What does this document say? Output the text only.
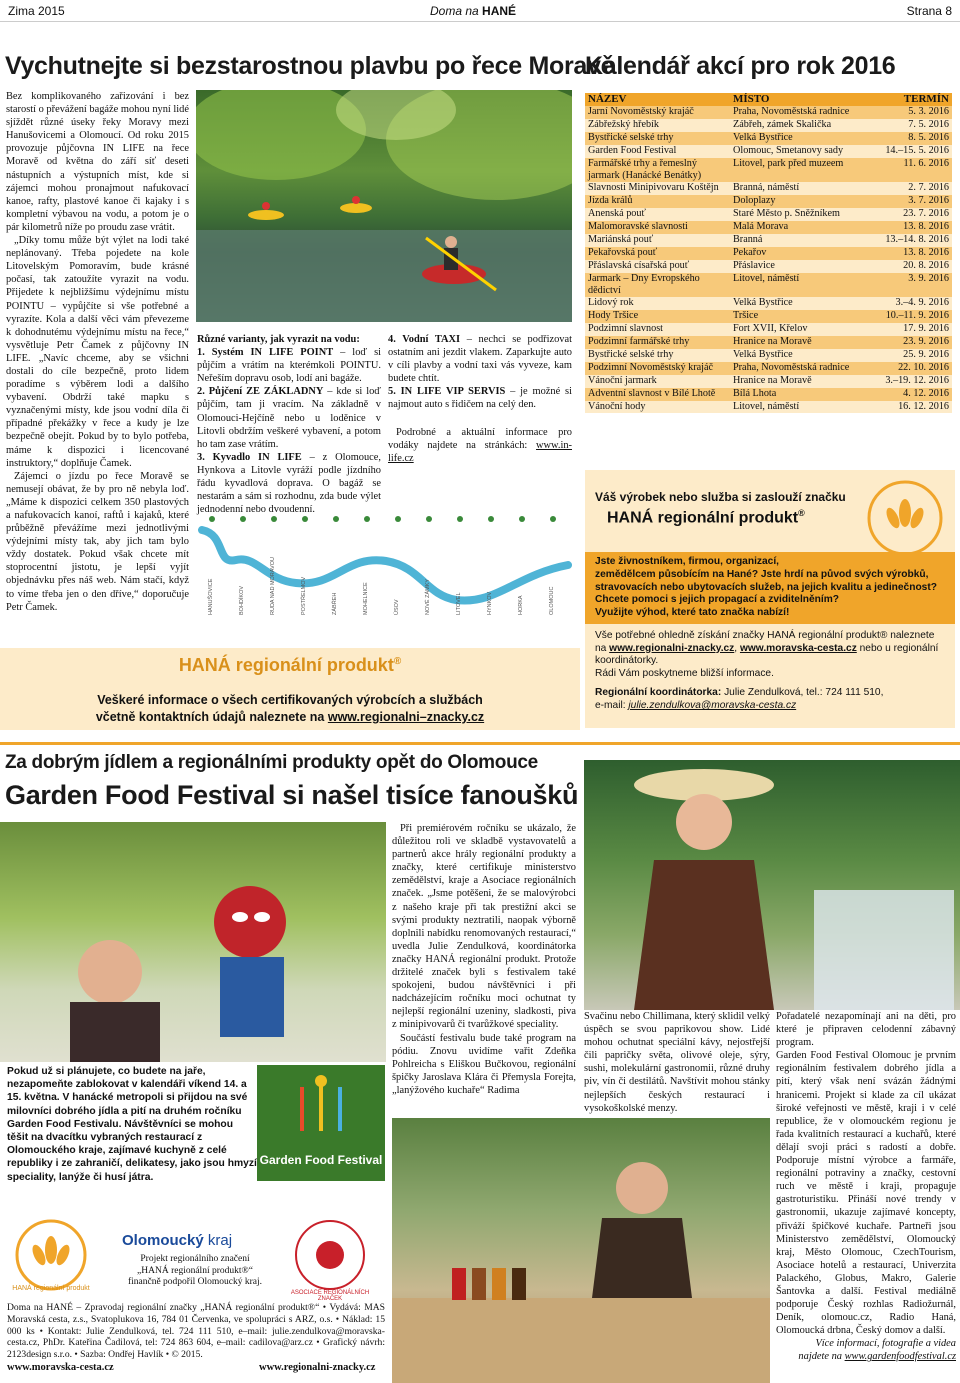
Zima 2015	Doma na HANÉ	Strana 8
Vychutnejte si bezstarostnou plavbu po řece Moravě

Bez komplikovaného zařizování i bez starostí o převážení bagáže mohou nyní lidé sjíždět různé úseky řeky Moravy mezi Hanušovicemi a Olomoucí. Od roku 2015 provozuje půjčovna IN LIFE na řece Moravě od května do září síť deseti nástupních a výstupních míst, kde si zájemci mohou pronajmout nafukovací kanoe, rafty, plastové kanoe či kajaky i s kompletní výbavou na vodu, a potom je o pár kilometrů níže po proudu zase vrátit.

„Díky tomu může být výlet na lodi také neplánovaný. Třeba pojedete na kole Litovelským Pomoravím, bude krásné počasí, tak zatoužíte vyrazit na vodu. Přijedete k nejbližšímu výdejnímu místu POINTU – vypůjčíte si vše potřebné a vyrazíte. Kola a další věci vám převezeme k dohodnutému výdejnímu místu na řece,“ vysvětluje Petr Čamek z půjčovny IN LIFE. „Navíc chceme, aby se všichni dostali do cíle bezpečně, proto lidem poradíme s výběrem lodi a dalšího vybavení. Obdrží také mapku s vyznačenými místy, kde jsou vodní díla či případné překážky v řece a kudy je lze bezpečně obejít. Pokud by to bylo potřeba, máme k dispozici i licencované instruktory,“ doplňuje Čamek.

Zájemci o jízdu po řece Moravě se nemusejí obávat, že by pro ně nebyla loď. „Máme k dispozici celkem 350 plastových a nafukovacích kanoí, raftů i kajaků, které průběžně převážíme mezi jednotlivými výdejními místy tak, aby jich tam bylo vždy dostatek. Pokud však chcete mít stoprocentní jistotu, je lepší vyjít objednávku přes náš web. Nám stačí, když to víme třeba jen o den dříve,“ doporučuje Petr Čamek.

Různé varianty, jak vyrazit na vodu:

1. Systém IN LIFE POINT – loď si půjčím a vrátím na kterémkoli POINTU. Neřeším dopravu osob, lodí ani bagáže.

2. Půjčení ZE ZÁKLADNY – kde si loď půjčím, tam ji vracím. Na základně v Olomouci-Hejčíně nebo u loděnice v Litovli obdržím veškeré vybavení, a potom ho tam zase vrátím.

3. Kyvadlo IN LIFE – z Olomouce, Hynkova a Litovle vyráží podle jízdního řádu kyvadlová doprava. O bagáž se nestarám a sám si rozhodnu, zda bude výlet jednodenní nebo dvoudenní.

4. Vodní TAXI – nechci se podřizovat ostatním ani jezdit vlakem. Zaparkujte auto v cíli plavby a vodní taxi vás vyveze, kam budete chtít.

5. IN LIFE VIP SERVIS – je možné si najmout auto s řidičem na celý den.

Podrobné a aktuální informace pro vodáky najdete na stránkách: www.in-life.cz

HANUŠOVICE	BOHDÍKOV	RUDA NAD MORAVOU	POSTŘELMOV	ZÁBŘEH	MOHELNICE	ÚSOV	NOVÉ ZÁMKY	LITOVEL	HYNKOV	HORKA	OLOMOUC
HANÁ regionální produkt®
Veškeré informace o všech certifikovaných výrobcích a službách
včetně kontaktních údajů naleznete na www.regionalni–znacky.cz
Kalendář akcí pro rok 2016
NÁZEV	MÍSTO	TERMÍN
Jarní Novoměstský krajáč	Praha, Novoměstská radnice	5. 3. 2016
Zábřežský hřebík	Zábřeh, zámek Skalička	7. 5. 2016
Bystřické selské trhy	Velká Bystřice	8. 5. 2016
Garden Food Festival	Olomouc, Smetanovy sady	14.–15. 5. 2016
Farmářské trhy a řemeslný jarmark (Hanácké Benátky)	Litovel, park před muzeem	11. 6. 2016
Slavnosti Minipivovaru Koštějn	Branná, náměstí	2. 7. 2016
Jízda králů	Doloplazy	3. 7. 2016
Anenská pouť	Staré Město p. Sněžníkem	23. 7. 2016
Malomoravské slavnosti	Malá Morava	13. 8. 2016
Mariánská pouť	Branná	13.–14. 8. 2016
Pekařovská pouť	Pekařov	13. 8. 2016
Přáslavská císařská pouť	Přáslavice	20. 8. 2016
Jarmark – Dny Evropského dědictví	Litovel, náměstí	3. 9. 2016
Lidový rok	Velká Bystřice	3.–4. 9. 2016
Hody Tršice	Tršice	10.–11. 9. 2016
Podzimní slavnost	Fort XVII, Křelov	17. 9. 2016
Podzimní farmářské trhy	Hranice na Moravě	23. 9. 2016
Bystřické selské trhy	Velká Bystřice	25. 9. 2016
Podzimní Novoměstský krajáč	Praha, Novoměstská radnice	22. 10. 2016
Vánoční jarmark	Hranice na Moravě	3.–19. 12. 2016
Adventní slavnost v Bílé Lhotě	Bílá Lhota	4. 12. 2016
Vánoční hody	Litovel, náměstí	16. 12. 2016
Váš výrobek nebo služba si zaslouží značku
HANÁ regionální produkt®
Jste živnostníkem, firmou, organizací,
zemědělcem působícím na Hané? Jste hrdí na původ svých výrobků, stravovacích nebo ubytovacích služeb, na jejich kvalitu a jedinečnost? Chcete pomoci s jejich propagací a zviditelněním?
Využijte výhod, které tato značka nabízí!
Vše potřebné ohledně získání značky HANÁ regionální produkt® naleznete na www.regionalni-znacky.cz, www.moravska-cesta.cz nebo u regionální koordinátorky.
Rádi Vám poskytneme bližší informace.
Regionální koordinátorka: Julie Zendulková, tel.: 724 111 510,
e-mail: julie.zendulkova@moravska-cesta.cz
Za dobrým jídlem a regionálními produkty opět do Olomouce
Garden Food Festival si našel tisíce fanoušků
Pokud už si plánujete, co budete na jaře, nezapomeňte zablokovat v kalendáři víkend 14. a 15. května. V hanácké metropoli si přijdou na své milovníci dobrého jídla a pití na druhém ročníku Garden Food Festivalu. Návštěvníci se mohou těšit na dvacítku vybraných restaurací z Olomouckého kraje, zajímavé kuchyně z celé republiky i ze zahraničí, delikatesy, jako jsou hmyzí speciality, lanýže či husí játra.
Garden Food Festival

Při premiérovém ročníku se ukázalo, že důležitou roli ve skladbě vystavovatelů a partnerů akce hrály regionální produkty a značky, které certifikuje ministerstvo zemědělství, kraje a Asociace regionálních značek. „Jsme potěšeni, že se malovýrobci z našeho kraje při tak prestižní akci se svými produkty neztratili, naopak výborně doplnili nabídku renomovaných restaurací,“ uvedla Julie Zendulková, koordinátorka značky HANÁ regionální produkt. Protože držitelé značek byli s festivalem také spokojeni, budou návštěvníci i při nadcházejícím ročníku moci ochutnat ty nejlepší regionální uzeniny, sladkosti, piva z minipivovarů či tvarůžkové speciality.

Součástí festivalu bude také program na pódiu. Znovu uvidíme vařit Zdeňka Pohlreicha s Eliškou Bučkovou, regionální špičky Jaroslava Klára či Přemysla Forejta, „lanýžového kuchaře“ Radima

Svačinu nebo Chillimana, který sklidil velký úspěch se svou paprikovou show. Lidé mohou ochutnat speciální kávy, nejostřejší čili papričky světa, olivové oleje, sýry, sushi, molekulární gastronomii, různé druhy piv, vín či destilátů. Navštívit mohou stánky nejlepších českých restaurací i vysokoškolské menzy.

Pořadatelé nezapomínají ani na děti, pro které je připraven celodenní zábavný program.
Garden Food Festival Olomouc je prvním regionálním festivalem dobrého jídla a pití, který však není svázán žádnými hranicemi. Projekt si klade za cíl ukázat široké veřejnosti ve městě, kraji i v celé republice, že v olomouckém regionu je řada kvalitních restaurací a kuchařů, které dělají svoji práci s radostí a dobře. Podporuje místní výrobce a farmáře, regionální potraviny a značky, cestovní ruch ve městě i kraji, propaguje gastroturistiku. Přináší nové trendy v gastronomii, ukazuje zajímavé koncepty, přiváží špičkové kuchaře. Partneři jsou Ministerstvo zemědělství, Olomoucký kraj, Město Olomouc, CzechTourism, Asociace hotelů a restaurací, Univerzita Palackého, Globus, Makro, Galerie Šantovka a další. Festival mediálně podporuje Český rozhlas Radiožurnál, Deník, olomouc.cz, Radio Haná, Olomoucká drbna, Český domov a další.

Více informací, fotografie a videa

najdete na www.gardenfoodfestival.cz

HANÁ regionální produkt
Olomoucký kraj
Projekt regionálního značení
„HANÁ regionální produkt®“
finančně podpořil Olomoucký kraj.
ASOCIACE REGIONÁLNÍCH ZNAČEK
Doma na HANÉ – Zpravodaj regionální značky „HANÁ regionální produkt®“ • Vydává: MAS Moravská cesta, z.s., Svatoplukova 16, 784 01 Červenka, ve spolupráci s ARZ, o.s. • Náklad: 15 000 ks • Kontakt: Julie Zendulková, tel. 724 111 510, e–mail: julie.zendulkova@moravska-cesta.cz, PhDr. Kateřina Čadilová, tel: 724 863 604, e–mail: cadilova@arz.cz • Grafický návrh: 2123design s.r.o. • Sazba: Ondřej Havlík • © 2015.
www.moravska-cesta.cz	www.regionalni-znacky.cz
